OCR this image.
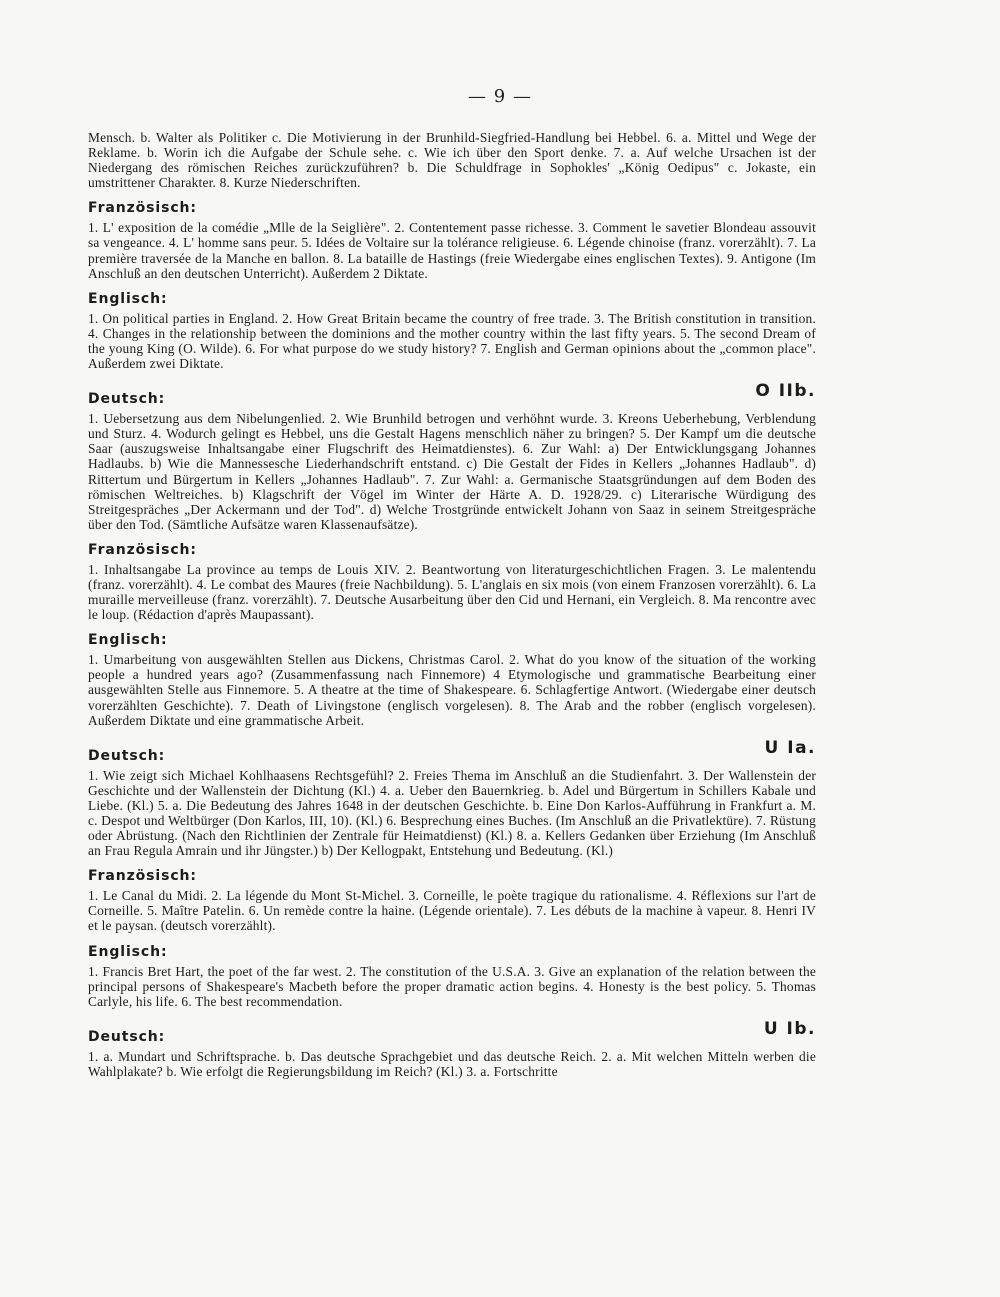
— 9 —

Mensch. b. Walter als Politiker c. Die Motivierung in der Brunhild-Siegfried-Handlung bei Hebbel. 6. a. Mittel und Wege der Reklame. b. Worin ich die Aufgabe der Schule sehe. c. Wie ich über den Sport denke. 7. a. Auf welche Ursachen ist der Niedergang des römischen Reiches zurückzuführen? b. Die Schuldfrage in Sophokles' „König Oedipus" c. Jokaste, ein umstrittener Charakter. 8. Kurze Niederschriften.

Französisch:

1. L' exposition de la comédie „Mlle de la Seiglière". 2. Contentement passe richesse. 3. Comment le savetier Blondeau assouvit sa vengeance. 4. L' homme sans peur. 5. Idées de Voltaire sur la tolérance religieuse. 6. Légende chinoise (franz. vorerzählt). 7. La première traversée de la Manche en ballon. 8. La bataille de Hastings (freie Wiedergabe eines englischen Textes). 9. Antigone (Im Anschluß an den deutschen Unterricht). Außerdem 2 Diktate.

Englisch:

1. On political parties in England. 2. How Great Britain became the country of free trade. 3. The British constitution in transition. 4. Changes in the relationship between the dominions and the mother country within the last fifty years. 5. The second Dream of the young King (O. Wilde). 6. For what purpose do we study history? 7. English and German opinions about the „common place". Außerdem zwei Diktate.

Deutsch:	O IIb.

1. Uebersetzung aus dem Nibelungenlied. 2. Wie Brunhild betrogen und verhöhnt wurde. 3. Kreons Ueberhebung, Verblendung und Sturz. 4. Wodurch gelingt es Hebbel, uns die Gestalt Hagens menschlich näher zu bringen? 5. Der Kampf um die deutsche Saar (auszugsweise Inhaltsangabe einer Flugschrift des Heimatdienstes). 6. Zur Wahl: a) Der Entwicklungsgang Johannes Hadlaubs. b) Wie die Mannessesche Liederhandschrift entstand. c) Die Gestalt der Fides in Kellers „Johannes Hadlaub". d) Rittertum und Bürgertum in Kellers „Johannes Hadlaub". 7. Zur Wahl: a. Germanische Staatsgründungen auf dem Boden des römischen Weltreiches. b) Klagschrift der Vögel im Winter der Härte A. D. 1928/29. c) Literarische Würdigung des Streitgespräches „Der Ackermann und der Tod". d) Welche Trostgründe entwickelt Johann von Saaz in seinem Streitgespräche über den Tod. (Sämtliche Aufsätze waren Klassenaufsätze).

Französisch:

1. Inhaltsangabe La province au temps de Louis XIV. 2. Beantwortung von literaturgeschichtlichen Fragen. 3. Le malentendu (franz. vorerzählt). 4. Le combat des Maures (freie Nachbildung). 5. L'anglais en six mois (von einem Franzosen vorerzählt). 6. La muraille merveilleuse (franz. vorerzählt). 7. Deutsche Ausarbeitung über den Cid und Hernani, ein Vergleich. 8. Ma rencontre avec le loup. (Rédaction d'après Maupassant).

Englisch:

1. Umarbeitung von ausgewählten Stellen aus Dickens, Christmas Carol. 2. What do you know of the situation of the working people a hundred years ago? (Zusammenfassung nach Finnemore) 4 Etymologische und grammatische Bearbeitung einer ausgewählten Stelle aus Finnemore. 5. A theatre at the time of Shakespeare. 6. Schlagfertige Antwort. (Wiedergabe einer deutsch vorerzählten Geschichte). 7. Death of Livingstone (englisch vorgelesen). 8. The Arab and the robber (englisch vorgelesen). Außerdem Diktate und eine grammatische Arbeit.

Deutsch:	U Ia.

1. Wie zeigt sich Michael Kohlhaasens Rechtsgefühl? 2. Freies Thema im Anschluß an die Studienfahrt. 3. Der Wallenstein der Geschichte und der Wallenstein der Dichtung (Kl.) 4. a. Ueber den Bauernkrieg. b. Adel und Bürgertum in Schillers Kabale und Liebe. (Kl.) 5. a. Die Bedeutung des Jahres 1648 in der deutschen Geschichte. b. Eine Don Karlos-Aufführung in Frankfurt a. M. c. Despot und Weltbürger (Don Karlos, III, 10). (Kl.) 6. Besprechung eines Buches. (Im Anschluß an die Privatlektüre). 7. Rüstung oder Abrüstung. (Nach den Richtlinien der Zentrale für Heimatdienst) (Kl.) 8. a. Kellers Gedanken über Erziehung (Im Anschluß an Frau Regula Amrain und ihr Jüngster.) b) Der Kellogpakt, Entstehung und Bedeutung. (Kl.)

Französisch:

1. Le Canal du Midi. 2. La légende du Mont St-Michel. 3. Corneille, le poète tragique du rationalisme. 4. Réflexions sur l'art de Corneille. 5. Maître Patelin. 6. Un remède contre la haine. (Légende orientale). 7. Les débuts de la machine à vapeur. 8. Henri IV et le paysan. (deutsch vorerzählt).

Englisch:

1. Francis Bret Hart, the poet of the far west. 2. The constitution of the U.S.A. 3. Give an explanation of the relation between the principal persons of Shakespeare's Macbeth before the proper dramatic action begins. 4. Honesty is the best policy. 5. Thomas Carlyle, his life. 6. The best recommendation.

Deutsch:	U Ib.

1. a. Mundart und Schriftsprache. b. Das deutsche Sprachgebiet und das deutsche Reich. 2. a. Mit welchen Mitteln werben die Wahlplakate? b. Wie erfolgt die Regierungsbildung im Reich? (Kl.) 3. a. Fortschritte
